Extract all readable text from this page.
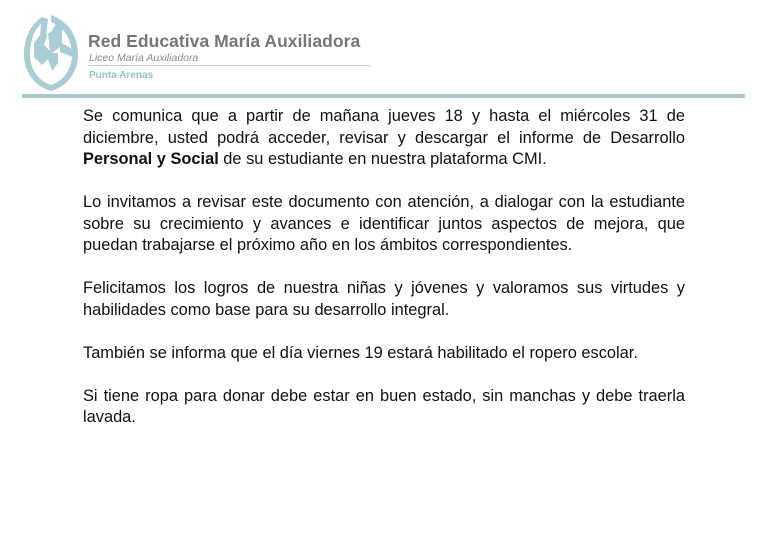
Red Educativa María Auxiliadora
Liceo María Auxiliadora
Punta Arenas

Se comunica que a partir de mañana jueves 18 y hasta el miércoles 31 de diciembre, usted podrá acceder, revisar y descargar el informe de Desarrollo Personal y Social de su estudiante en nuestra plataforma CMI.

Lo invitamos a revisar este documento con atención, a dialogar con la estudiante sobre su crecimiento y avances e identificar juntos aspectos de mejora, que puedan trabajarse el próximo año en los ámbitos correspondientes.

Felicitamos los logros de nuestra niñas y jóvenes y valoramos sus virtudes y habilidades como base para su desarrollo integral.

También se informa que el día viernes 19 estará habilitado el ropero escolar.

Si tiene ropa para donar debe estar en buen estado, sin manchas y debe traerla lavada.
